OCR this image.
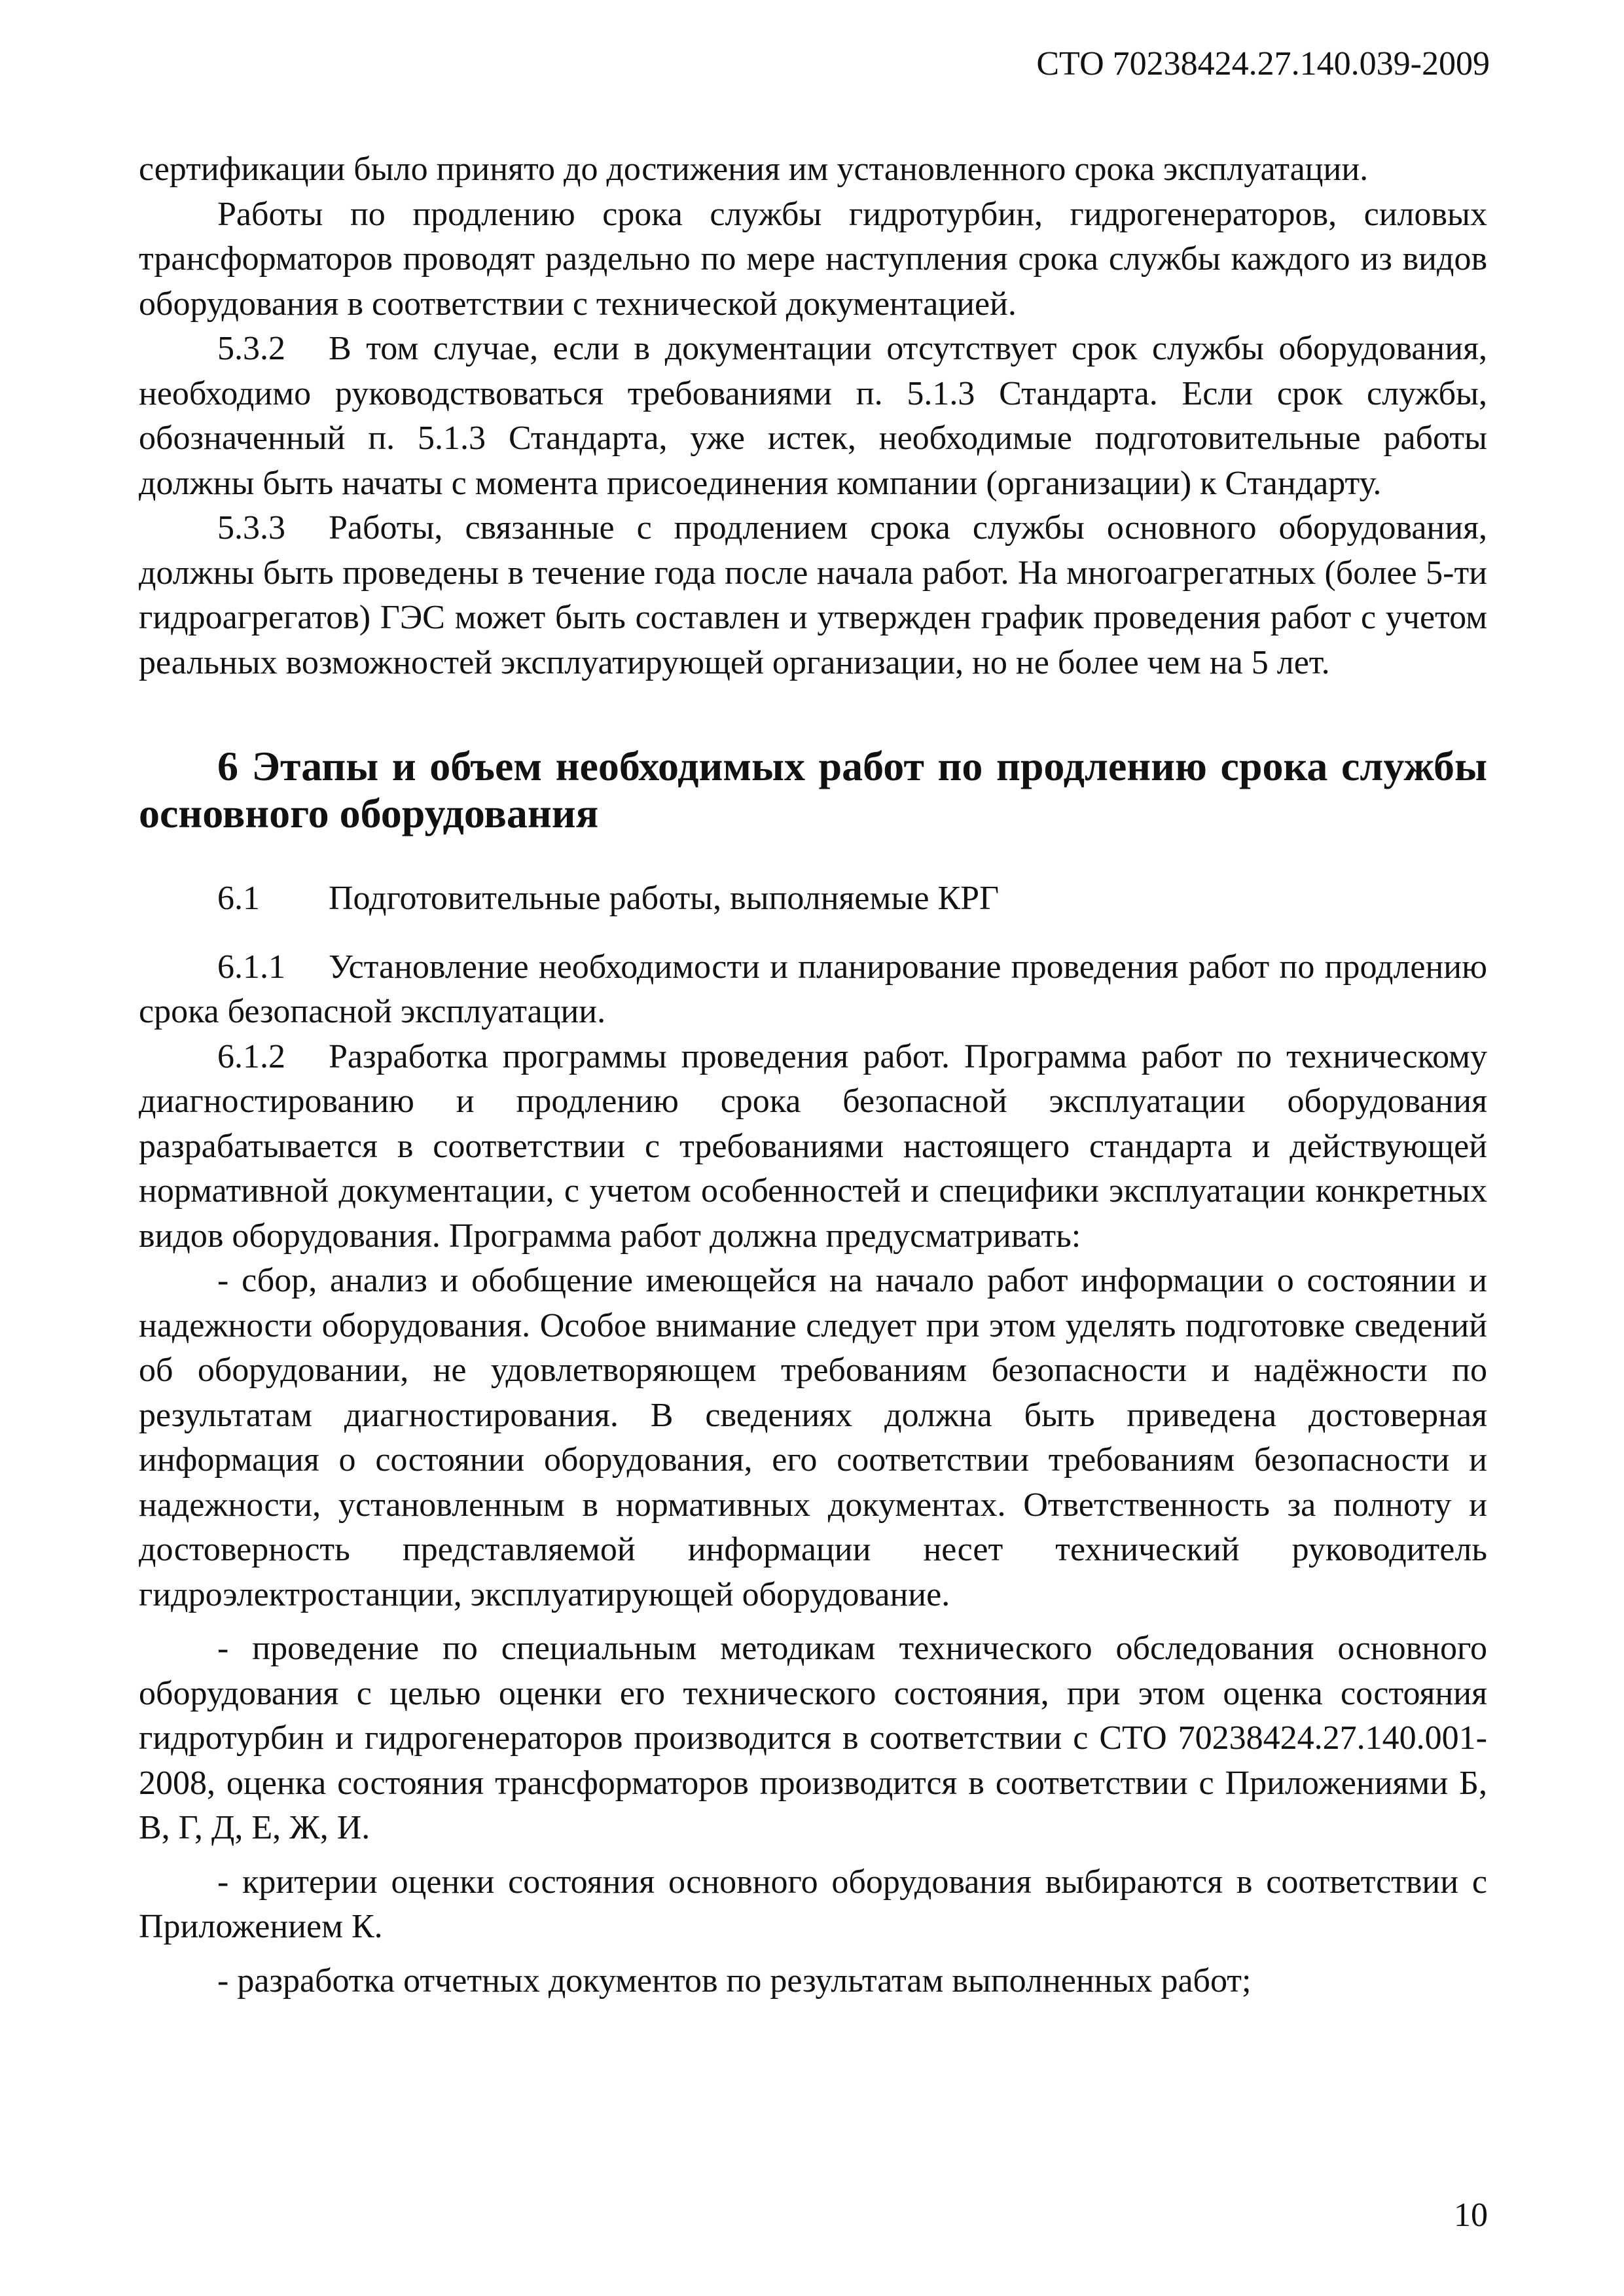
СТО 70238424.27.140.039-2009

сертификации было принято до достижения им установленного срока эксплуатации.

Работы по продлению срока службы гидротурбин, гидрогенераторов, силовых трансформаторов проводят раздельно по мере наступления срока службы каждого из видов оборудования в соответствии с технической документацией.

5.3.2 В том случае, если в документации отсутствует срок службы оборудования, необходимо руководствоваться требованиями п. 5.1.3 Стандарта. Если срок службы, обозначенный п. 5.1.3 Стандарта, уже истек, необходимые подготовительные работы должны быть начаты с момента присоединения компании (организации) к Стандарту.

5.3.3 Работы, связанные с продлением срока службы основного оборудования, должны быть проведены в течение года после начала работ. На многоагрегатных (более 5-ти гидроагрегатов) ГЭС может быть составлен и утвержден график проведения работ с учетом реальных возможностей эксплуатирующей организации, но не более чем на 5 лет.

6 Этапы и объем необходимых работ по продлению срока службы основного оборудования

6.1 Подготовительные работы, выполняемые КРГ

6.1.1 Установление необходимости и планирование проведения работ по продлению срока безопасной эксплуатации.

6.1.2 Разработка программы проведения работ. Программа работ по техническому диагностированию и продлению срока безопасной эксплуатации оборудования разрабатывается в соответствии с требованиями настоящего стандарта и действующей нормативной документации, с учетом особенностей и специфики эксплуатации конкретных видов оборудования. Программа работ должна предусматривать:

- сбор, анализ и обобщение имеющейся на начало работ информации о состоянии и надежности оборудования. Особое внимание следует при этом уделять подготовке сведений об оборудовании, не удовлетворяющем требованиям безопасности и надёжности по результатам диагностирования. В сведениях должна быть приведена достоверная информация о состоянии оборудования, его соответствии требованиям безопасности и надежности, установленным в нормативных документах. Ответственность за полноту и достоверность представляемой информации несет технический руководитель гидроэлектростанции, эксплуатирующей оборудование.

- проведение по специальным методикам технического обследования основного оборудования с целью оценки его технического состояния, при этом оценка состояния гидротурбин и гидрогенераторов производится в соответствии с СТО 70238424.27.140.001-2008, оценка состояния трансформаторов производится в соответствии с Приложениями Б, В, Г, Д, Е, Ж, И.

- критерии оценки состояния основного оборудования выбираются в соответствии с Приложением К.

- разработка отчетных документов по результатам выполненных работ;

10
